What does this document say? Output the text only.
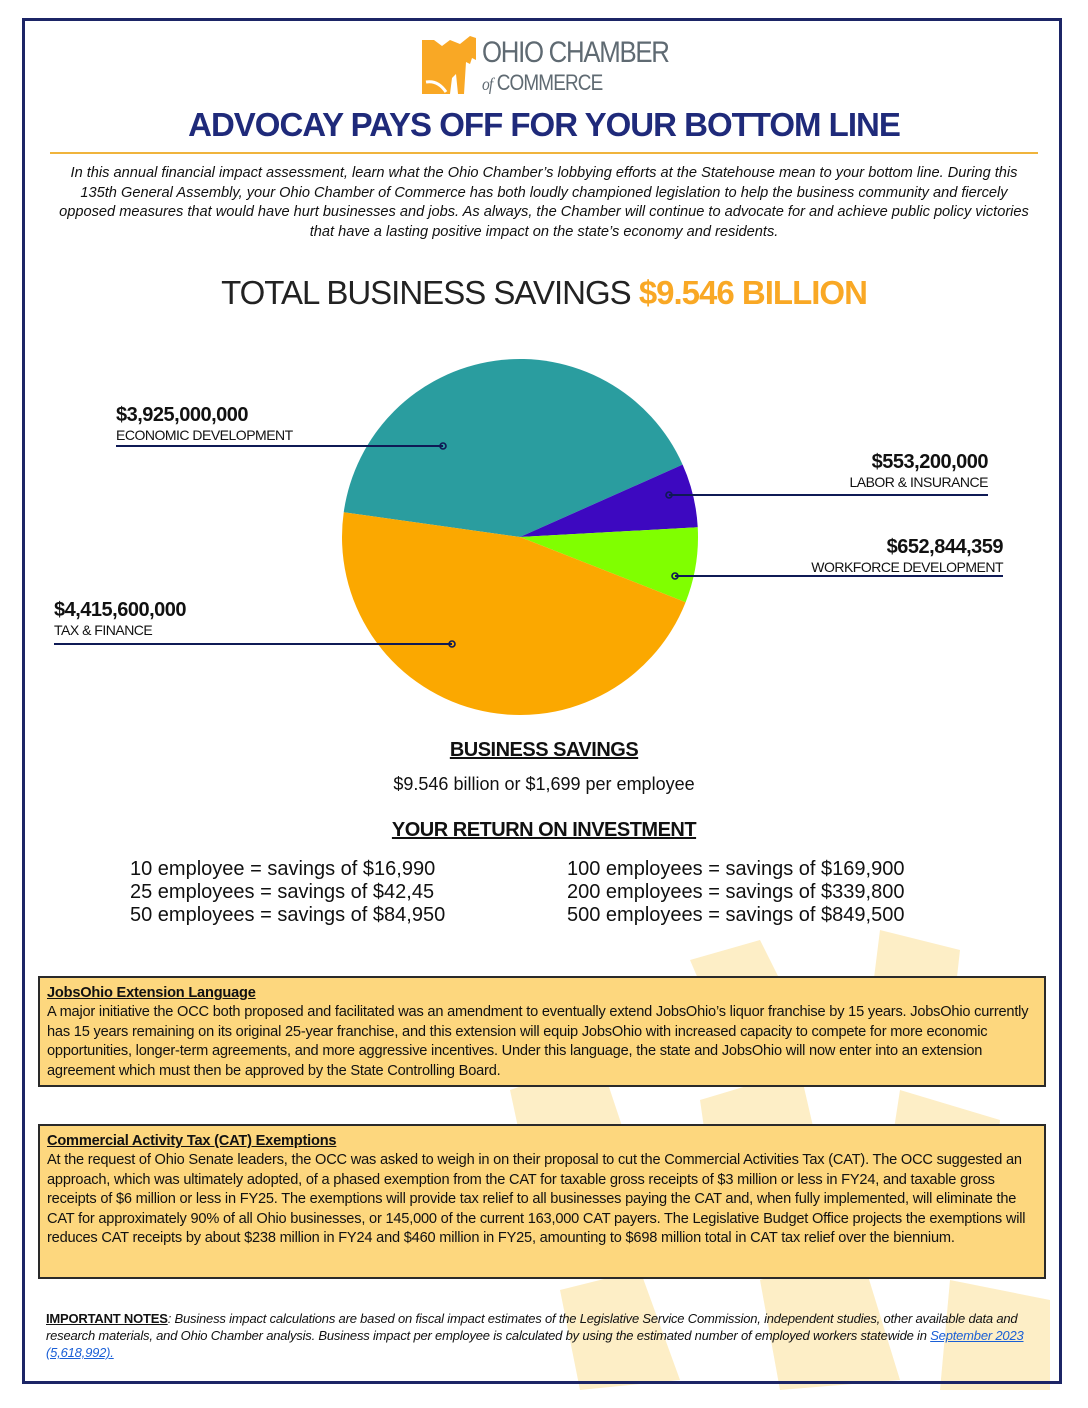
OHIO CHAMBER
of COMMERCE
ADVOCAY PAYS OFF FOR YOUR BOTTOM LINE
In this annual financial impact assessment, learn what the Ohio Chamber’s lobbying efforts at the Statehouse mean to your bottom line. During this 135th General Assembly, your Ohio Chamber of Commerce has both loudly championed legislation to help the business community and fiercely opposed measures that would have hurt businesses and jobs. As always, the Chamber will continue to advocate for and achieve public policy victories that have a lasting positive impact on the state’s economy and residents.
TOTAL BUSINESS SAVINGS $9.546 BILLION
$3,925,000,000
ECONOMIC DEVELOPMENT
$553,200,000
LABOR & INSURANCE
$652,844,359
WORKFORCE DEVELOPMENT
$4,415,600,000
TAX & FINANCE
BUSINESS SAVINGS
$9.546 billion or $1,699 per employee
YOUR RETURN ON INVESTMENT
10 employee = savings of $16,990
25 employees = savings of $42,45
50 employees = savings of $84,950
100 employees = savings of $169,900
200 employees = savings of $339,800
500 employees = savings of $849,500
JobsOhio Extension Language
A major initiative the OCC both proposed and facilitated was an amendment to eventually extend JobsOhio’s liquor franchise by 15 years. JobsOhio currently has 15 years remaining on its original 25-year franchise, and this extension will equip JobsOhio with increased capacity to compete for more economic opportunities, longer-term agreements, and more aggressive incentives. Under this language, the state and JobsOhio will now enter into an extension agreement which must then be approved by the State Controlling Board.
Commercial Activity Tax (CAT) Exemptions
At the request of Ohio Senate leaders, the OCC was asked to weigh in on their proposal to cut the Commercial Activities Tax (CAT). The OCC suggested an approach, which was ultimately adopted, of a phased exemption from the CAT for taxable gross receipts of $3 million or less in FY24, and taxable gross receipts of $6 million or less in FY25. The exemptions will provide tax relief to all businesses paying the CAT and, when fully implemented, will eliminate the CAT for approximately 90% of all Ohio businesses, or 145,000 of the current 163,000 CAT payers. The Legislative Budget Office projects the exemptions will reduces CAT receipts by about $238 million in FY24 and $460 million in FY25, amounting to $698 million total in CAT tax relief over the biennium.
IMPORTANT NOTES: Business impact calculations are based on fiscal impact estimates of the Legislative Service Commission, independent studies, other available data and research materials, and Ohio Chamber analysis. Business impact per employee is calculated by using the estimated number of employed workers statewide in September 2023 (5,618,992).
